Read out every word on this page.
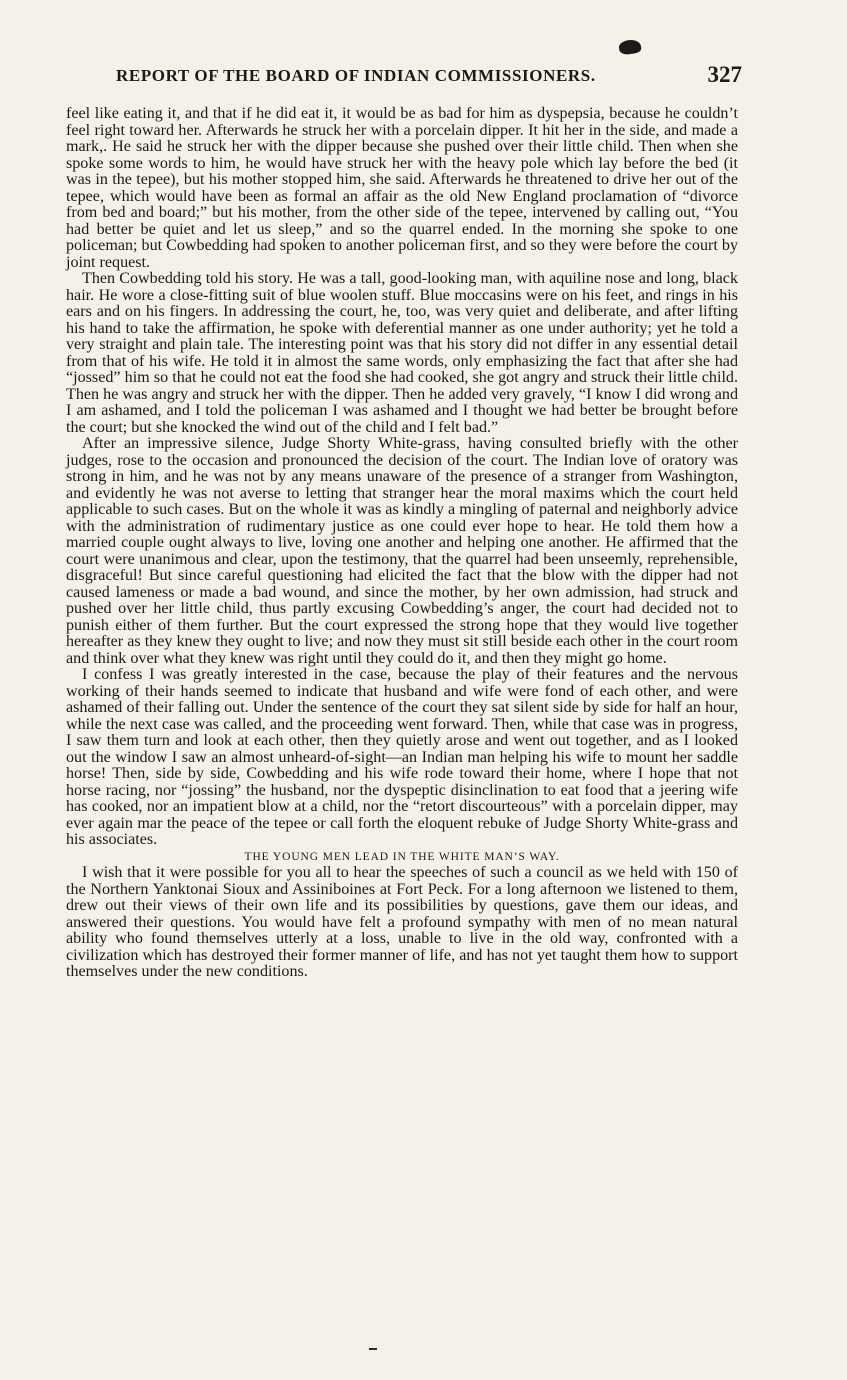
REPORT OF THE BOARD OF INDIAN COMMISSIONERS.	327

feel like eating it, and that if he did eat it, it would be as bad for him as dyspepsia, because he couldn’t feel right toward her. Afterwards he struck her with a porcelain dipper. It hit her in the side, and made a mark,. He said he struck her with the dipper because she pushed over their little child. Then when she spoke some words to him, he would have struck her with the heavy pole which lay before the bed (it was in the tepee), but his mother stopped him, she said. Afterwards he threatened to drive her out of the tepee, which would have been as formal an affair as the old New England proclamation of “divorce from bed and board;” but his mother, from the other side of the tepee, intervened by calling out, “You had better be quiet and let us sleep,” and so the quarrel ended. In the morning she spoke to one policeman; but Cowbedding had spoken to another policeman first, and so they were before the court by joint request.

Then Cowbedding told his story. He was a tall, good-looking man, with aquiline nose and long, black hair. He wore a close-fitting suit of blue woolen stuff. Blue moccasins were on his feet, and rings in his ears and on his fingers. In addressing the court, he, too, was very quiet and deliberate, and after lifting his hand to take the affirmation, he spoke with deferential manner as one under authority; yet he told a very straight and plain tale. The interesting point was that his story did not differ in any essential detail from that of his wife. He told it in almost the same words, only emphasizing the fact that after she had “jossed” him so that he could not eat the food she had cooked, she got angry and struck their little child. Then he was angry and struck her with the dipper. Then he added very gravely, “I know I did wrong and I am ashamed, and I told the policeman I was ashamed and I thought we had better be brought before the court; but she knocked the wind out of the child and I felt bad.”

After an impressive silence, Judge Shorty White-grass, having consulted briefly with the other judges, rose to the occasion and pronounced the decision of the court. The Indian love of oratory was strong in him, and he was not by any means unaware of the presence of a stranger from Washington, and evidently he was not averse to letting that stranger hear the moral maxims which the court held applicable to such cases. But on the whole it was as kindly a mingling of paternal and neighborly advice with the administration of rudimentary justice as one could ever hope to hear. He told them how a married couple ought always to live, loving one another and helping one another. He affirmed that the court were unanimous and clear, upon the testimony, that the quarrel had been unseemly, reprehensible, disgraceful! But since careful questioning had elicited the fact that the blow with the dipper had not caused lameness or made a bad wound, and since the mother, by her own admission, had struck and pushed over her little child, thus partly excusing Cowbedding’s anger, the court had decided not to punish either of them further. But the court expressed the strong hope that they would live together hereafter as they knew they ought to live; and now they must sit still beside each other in the court room and think over what they knew was right until they could do it, and then they might go home.

I confess I was greatly interested in the case, because the play of their features and the nervous working of their hands seemed to indicate that husband and wife were fond of each other, and were ashamed of their falling out. Under the sentence of the court they sat silent side by side for half an hour, while the next case was called, and the proceeding went forward. Then, while that case was in progress, I saw them turn and look at each other, then they quietly arose and went out together, and as I looked out the window I saw an almost unheard-of-sight—an Indian man helping his wife to mount her saddle horse! Then, side by side, Cowbedding and his wife rode toward their home, where I hope that not horse racing, nor “jossing” the husband, nor the dyspeptic disinclination to eat food that a jeering wife has cooked, nor an impatient blow at a child, nor the “retort discourteous” with a porcelain dipper, may ever again mar the peace of the tepee or call forth the eloquent rebuke of Judge Shorty White-grass and his associates.

THE YOUNG MEN LEAD IN THE WHITE MAN’S WAY.

I wish that it were possible for you all to hear the speeches of such a council as we held with 150 of the Northern Yanktonai Sioux and Assiniboines at Fort Peck. For a long afternoon we listened to them, drew out their views of their own life and its possibilities by questions, gave them our ideas, and answered their questions. You would have felt a profound sympathy with men of no mean natural ability who found themselves utterly at a loss, unable to live in the old way, confronted with a civilization which has destroyed their former manner of life, and has not yet taught them how to support themselves under the new conditions.
